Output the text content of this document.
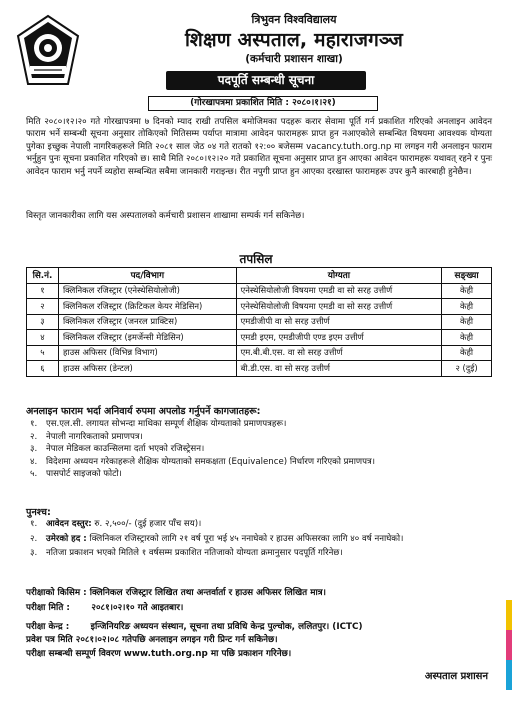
त्रिभुवन विश्वविद्यालय
शिक्षण अस्पताल, महाराजगञ्ज
(कर्मचारी प्रशासन शाखा)
पदपूर्ति सम्बन्धी सूचना
(गोरखापत्रमा प्रकाशित मिति : २०८०।१।२१)

मिति २०८०।१२।२० गते गोरखापत्रमा ७ दिनको म्याद राखी तपसिल बमोजिमका पदहरू करार सेवामा पूर्ति गर्न प्रकाशित गरिएको अनलाइन आवेदन फाराम भर्ने सम्बन्धी सूचना अनुसार तोकिएको मितिसम्म पर्याप्त मात्रामा आवेदन फारामहरू प्राप्त हुन नआएकोले सम्बन्धित विषयमा आवश्यक योग्यता पुगेका इच्छुक नेपाली नागरिकहरूले मिति २०८१ साल जेठ ०४ गते रातको १२:०० बजेसम्म vacancy.tuth.org.np मा लगइन गरी अनलाइन फाराम भर्नुहुन पुनः सूचना प्रकाशित गरिएको छ। साथै मिति २०८०।१२।२० गते प्रकाशित सूचना अनुसार प्राप्त हुन आएका आवेदन फारामहरू यथावत् रहने र पुनः आवेदन फाराम भर्नु नपर्ने व्यहोरा सम्बन्धित सबैमा जानकारी गराइन्छ। रीत नपुगी प्राप्त हुन आएका दरखास्त फारामहरू उपर कुनै कारबाही हुनेछैन।

विस्तृत जानकारीका लागि यस अस्पतालको कर्मचारी प्रशासन शाखामा सम्पर्क गर्न सकिनेछ।

तपसिल
सि.नं.	पद/विभाग	योग्यता	सङ्ख्या
१	क्लिनिकल रजिस्ट्रार (एनेस्थेसियोलोजी)	एनेस्थेसियोलोजी विषयमा एमडी वा सो सरह उत्तीर्ण	केही
२	क्लिनिकल रजिस्ट्रार (क्रिटिकल केयर मेडिसिन)	एनेस्थेसियोलोजी विषयमा एमडी वा सो सरह उत्तीर्ण	केही
३	क्लिनिकल रजिस्ट्रार (जनरल प्राक्टिस)	एमडीजीपी वा सो सरह उत्तीर्ण	केही
४	क्लिनिकल रजिस्ट्रार (इमर्जेन्सी मेडिसिन)	एमडी इएम, एमडीजीपी एण्ड इएम उत्तीर्ण	केही
५	हाउस अफिसर (विभिन्न विभाग)	एम.बी.बी.एस. वा सो सरह उत्तीर्ण	केही
६	हाउस अफिसर (डेन्टल)	बी.डी.एस. वा सो सरह उत्तीर्ण	२ (दुई)
अनलाइन फाराम भर्दा अनिवार्य रुपमा अपलोड गर्नुपर्ने कागजातहरू:
१.	एस.एल.सी. लगायत सोभन्दा माथिका सम्पूर्ण शैक्षिक योग्यताको प्रमाणपत्रहरू।
२.	नेपाली नागरिकताको प्रमाणपत्र।
३.	नेपाल मेडिकल काउन्सिलमा दर्ता भएको रजिस्ट्रेसन।
४.	विदेशमा अध्ययन गरेकाहरूले शैक्षिक योग्यताको समकक्षता (Equivalence) निर्धारण गरिएको प्रमाणपत्र।
५.	पासपोर्ट साइजको फोटो।
पुनश्च:
१.	आवेदन दस्तुर: रु. २,५००/- (दुई हजार पाँच सय)।
२.	उमेरको हद : क्लिनिकल रजिस्ट्रारको लागि २१ वर्ष पूरा भई ४५ ननाघेको र हाउस अफिसरका लागि ४० वर्ष ननाघेको।
३.	नतिजा प्रकाशन भएको मितिले १ वर्षसम्म प्रकाशित नतिजाको योग्यता क्रमानुसार पदपूर्ति गरिनेछ।
परीक्षाको किसिम : क्लिनिकल रजिस्ट्रार लिखित तथा अन्तर्वार्ता र हाउस अफिसर लिखित मात्र।
परीक्षा मिति :       २०८१।०२।१० गते आइतबार।
परीक्षा केन्द्र :       इन्जिनियरिङ अध्ययन संस्थान, सूचना तथा प्रविधि केन्द्र पुल्चोक, ललितपुर। (ICTC)
प्रवेश पत्र मिति २०८१।०२।०८ गतेपछि अनलाइन लगइन गरी प्रिन्ट गर्न सकिनेछ।
परीक्षा सम्बन्धी सम्पूर्ण विवरण www.tuth.org.np मा पछि प्रकाशन गरिनेछ।
अस्पताल प्रशासन
